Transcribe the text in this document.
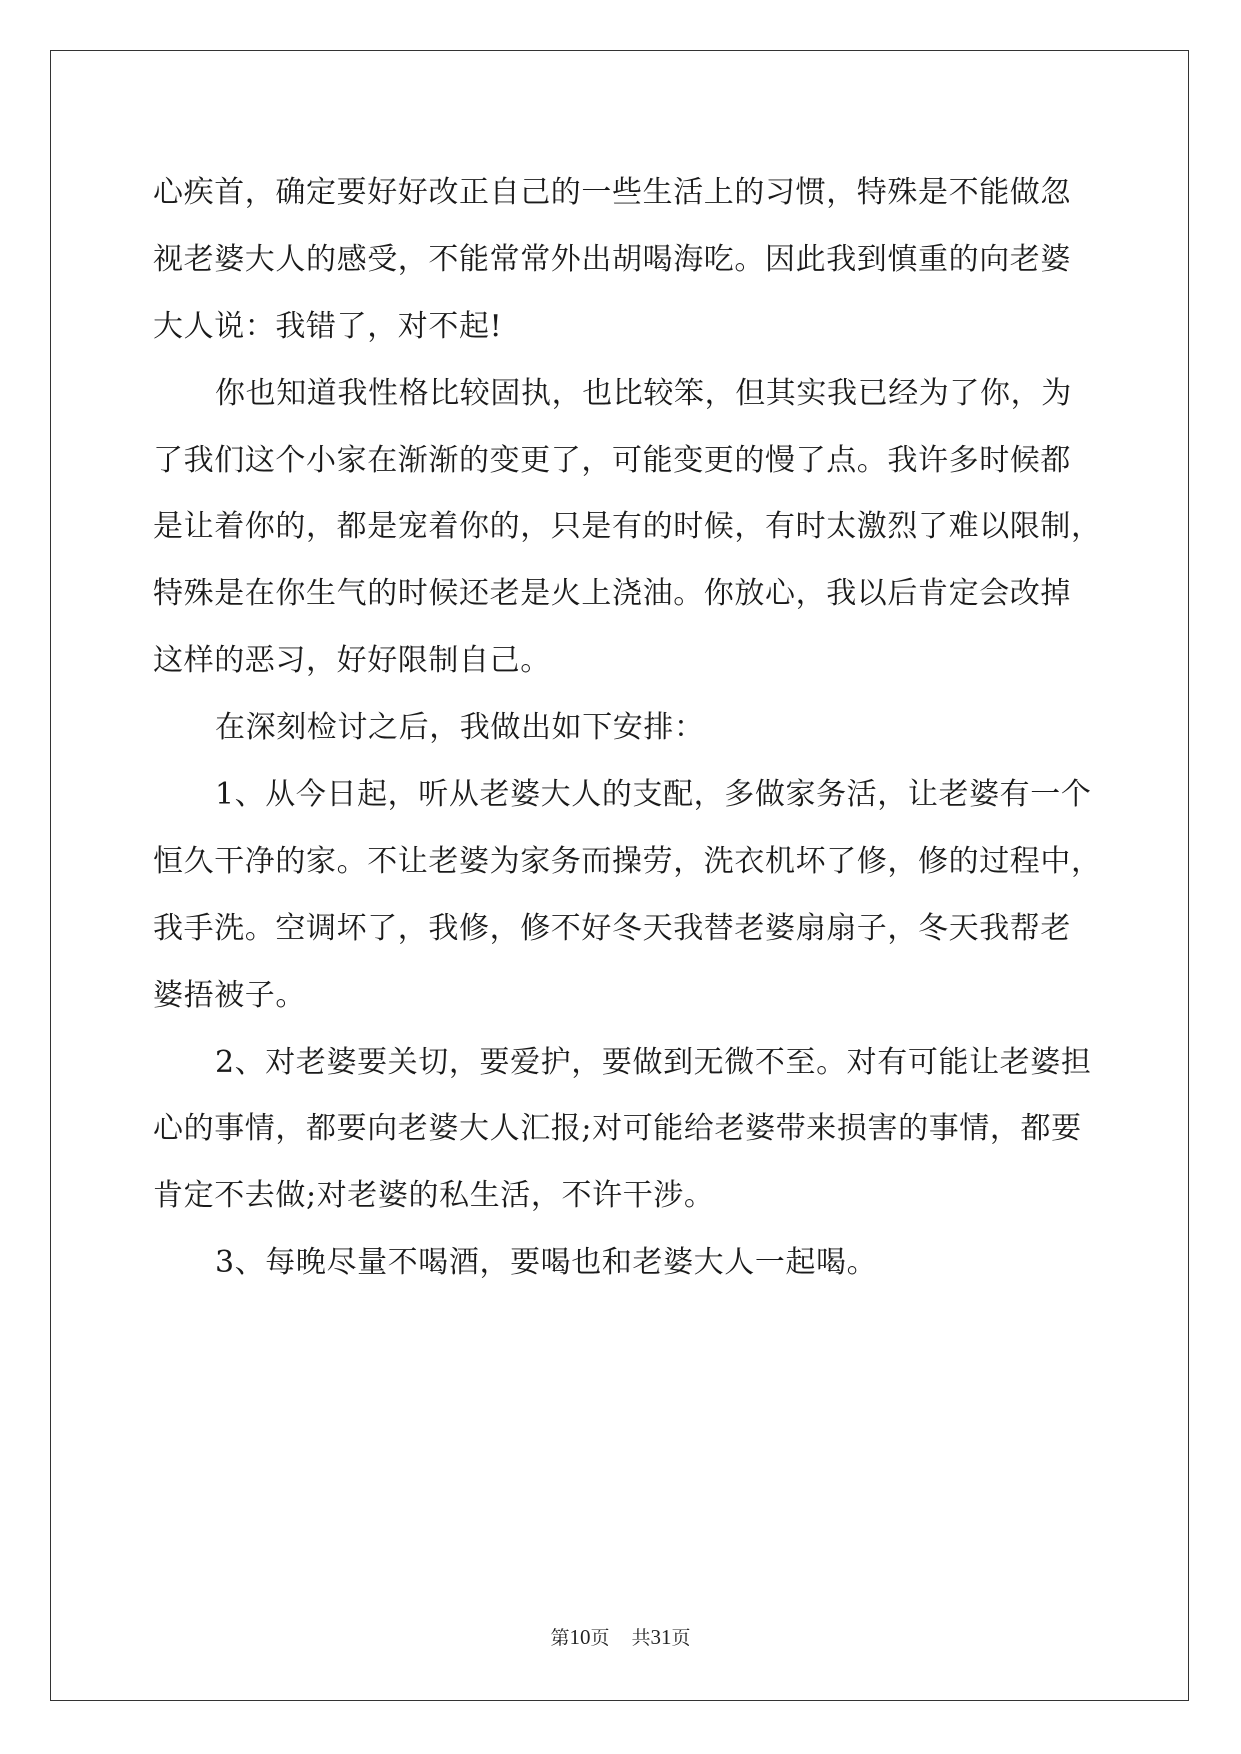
心疾首，确定要好好改正自己的一些生活上的习惯，特殊是不能做忽
视老婆大人的感受，不能常常外出胡喝海吃。因此我到慎重的向老婆
大人说：我错了，对不起!
你也知道我性格比较固执，也比较笨，但其实我已经为了你，为
了我们这个小家在渐渐的变更了，可能变更的慢了点。我许多时候都
是让着你的，都是宠着你的，只是有的时候，有时太激烈了难以限制，
特殊是在你生气的时候还老是火上浇油。你放心，我以后肯定会改掉
这样的恶习，好好限制自己。
在深刻检讨之后，我做出如下安排：
1、从今日起，听从老婆大人的支配，多做家务活，让老婆有一个
恒久干净的家。不让老婆为家务而操劳，洗衣机坏了修，修的过程中，
我手洗。空调坏了，我修，修不好冬天我替老婆扇扇子，冬天我帮老
婆捂被子。
2、对老婆要关切，要爱护，要做到无微不至。对有可能让老婆担
心的事情，都要向老婆大人汇报;对可能给老婆带来损害的事情，都要
肯定不去做;对老婆的私生活，不许干涉。
3、每晚尽量不喝酒，要喝也和老婆大人一起喝。
第10页 共31页
